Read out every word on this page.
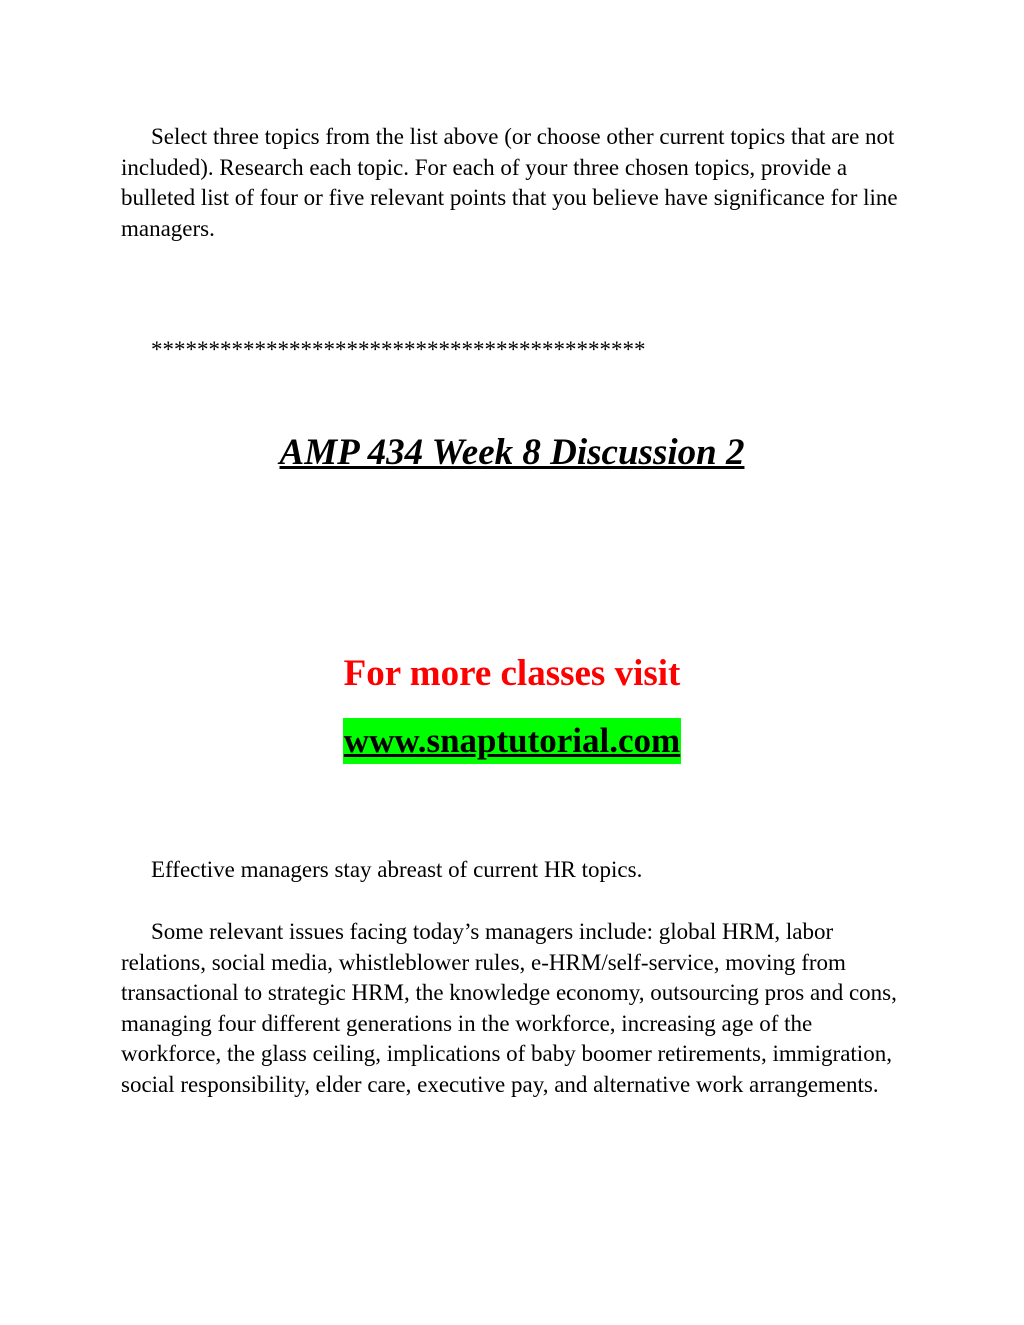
Select three topics from the list above (or choose other current topics that are not included). Research each topic. For each of your three chosen topics, provide a bulleted list of four or five relevant points that you believe have significance for line managers.

*******************************************

AMP 434 Week 8 Discussion 2
For more classes visit

www.snaptutorial.com

Effective managers stay abreast of current HR topics.

Some relevant issues facing today’s managers include: global HRM, labor relations, social media, whistleblower rules, e-HRM/self-service, moving from transactional to strategic HRM, the knowledge economy, outsourcing pros and cons, managing four different generations in the workforce, increasing age of the workforce, the glass ceiling, implications of baby boomer retirements, immigration, social responsibility, elder care, executive pay, and alternative work arrangements.
